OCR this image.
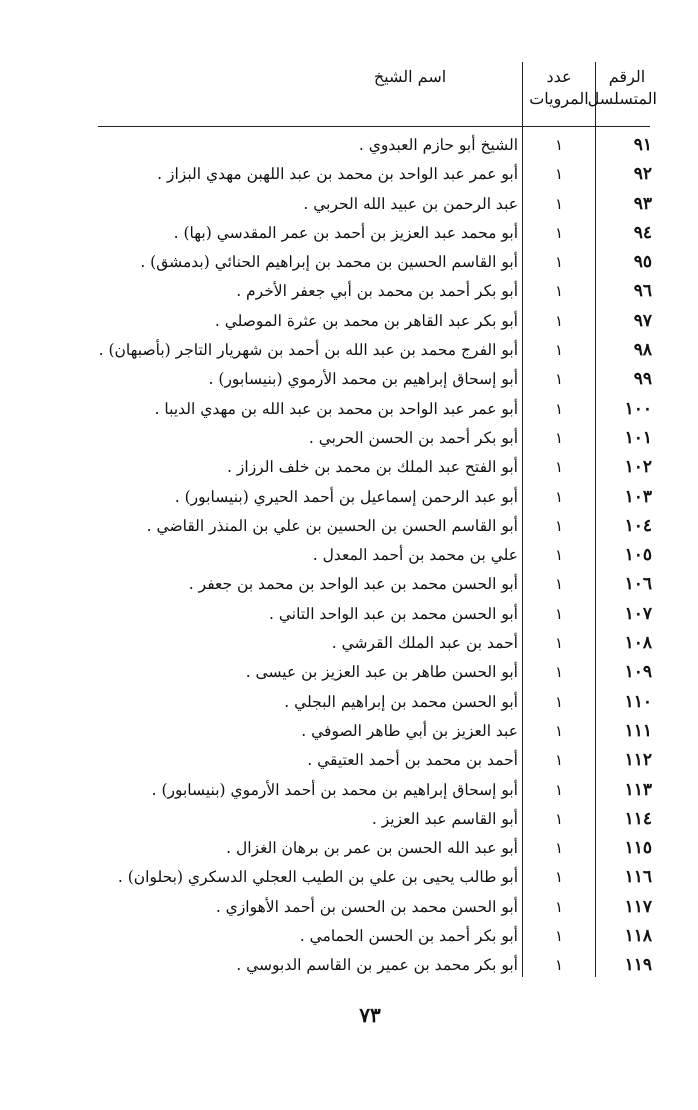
الرقم المتسلسل
عدد المرويات
اسم الشيخ
٩١
١
الشيخ أبو حازم العبدوي .
٩٢
١
أبو عمر عبد الواحد بن محمد بن عبد اللهبن مهدي البزاز .
٩٣
١
عبد الرحمن بن عبيد الله الحربي .
٩٤
١
أبو محمد عبد العزيز بن أحمد بن عمر المقدسي (بها) .
٩٥
١
أبو القاسم الحسين بن محمد بن إبراهيم الحنائي (بدمشق) .
٩٦
١
أبو بكر أحمد بن محمد بن أبي جعفر الأخرم .
٩٧
١
أبو بكر عبد القاهر بن محمد بن عثرة الموصلي .
٩٨
١
أبو الفرج محمد بن عبد الله بن أحمد بن شهريار التاجر (بأصبهان) .
٩٩
١
أبو إسحاق إبراهيم بن محمد الأرموي (بنيسابور) .
١٠٠
١
أبو عمر عبد الواحد بن محمد بن عبد الله بن مهدي الديبا .
١٠١
١
أبو بكر أحمد بن الحسن الحربي .
١٠٢
١
أبو الفتح عبد الملك بن محمد بن خلف الرزاز .
١٠٣
١
أبو عبد الرحمن إسماعيل بن أحمد الحيري (بنيسابور) .
١٠٤
١
أبو القاسم الحسن بن الحسين بن علي بن المنذر القاضي .
١٠٥
١
علي بن محمد بن أحمد المعدل .
١٠٦
١
أبو الحسن محمد بن عبد الواحد بن محمد بن جعفر .
١٠٧
١
أبو الحسن محمد بن عبد الواحد التاني .
١٠٨
١
أحمد بن عبد الملك القرشي .
١٠٩
١
أبو الحسن طاهر بن عبد العزيز بن عيسى .
١١٠
١
أبو الحسن محمد بن إبراهيم البجلي .
١١١
١
عبد العزيز بن أبي طاهر الصوفي .
١١٢
١
أحمد بن محمد بن أحمد العتيقي .
١١٣
١
أبو إسحاق إبراهيم بن محمد بن أحمد الأرموي (بنيسابور) .
١١٤
١
أبو القاسم عبد العزيز .
١١٥
١
أبو عبد الله الحسن بن عمر بن برهان الغزال .
١١٦
١
أبو طالب يحيى بن علي بن الطيب العجلي الدسكري (بحلوان) .
١١٧
١
أبو الحسن محمد بن الحسن بن أحمد الأهوازي .
١١٨
١
أبو بكر أحمد بن الحسن الحمامي .
١١٩
١
أبو بكر محمد بن عمير بن القاسم الدبوسي .
٧٣
